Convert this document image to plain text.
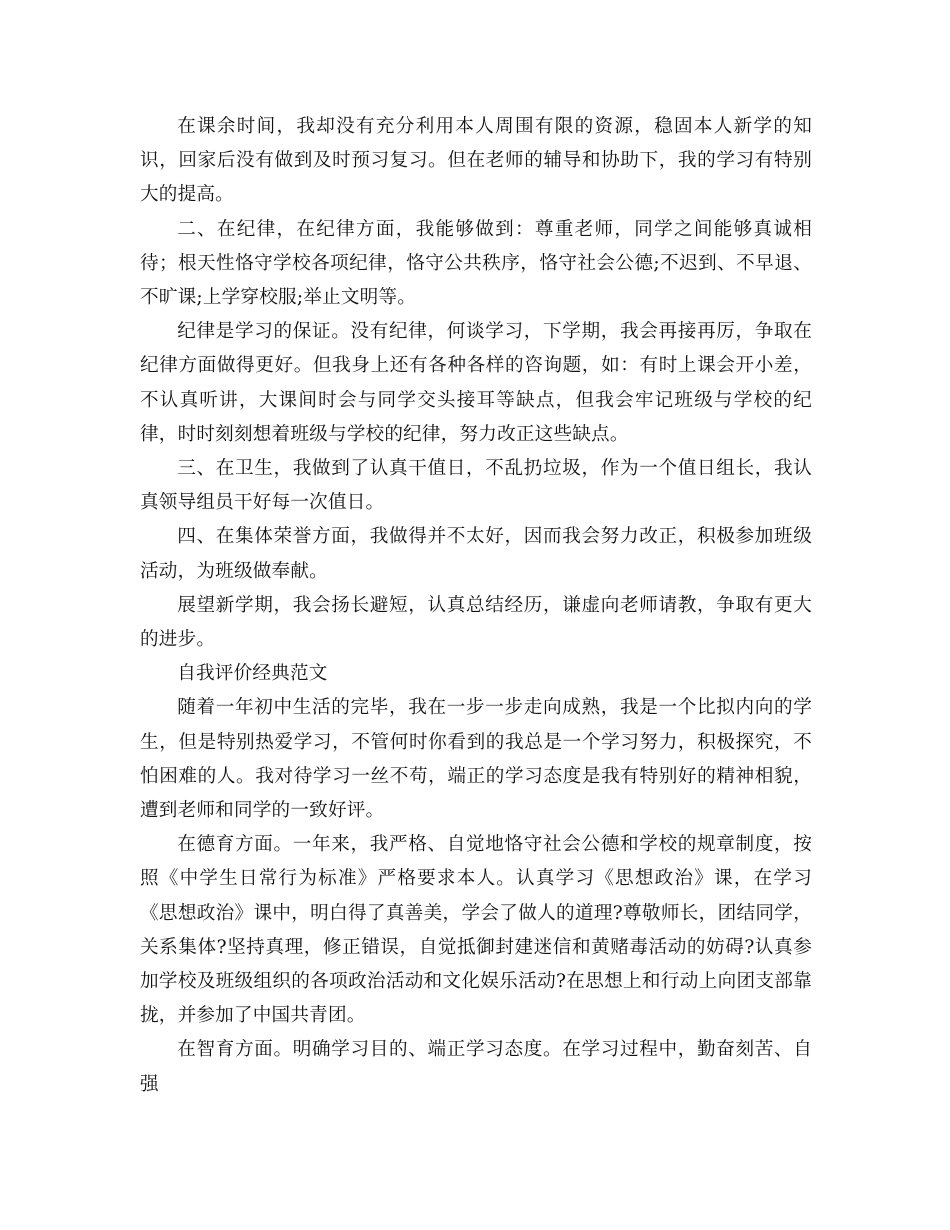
在课余时间，我却没有充分利用本人周围有限的资源，稳固本人新学的知识，回家后没有做到及时预习复习。但在老师的辅导和协助下，我的学习有特别大的提高。

二、在纪律，在纪律方面，我能够做到：尊重老师，同学之间能够真诚相待；根天性恪守学校各项纪律，恪守公共秩序，恪守社会公德;不迟到、不早退、不旷课;上学穿校服;举止文明等。

纪律是学习的保证。没有纪律，何谈学习，下学期，我会再接再厉，争取在纪律方面做得更好。但我身上还有各种各样的咨询题，如：有时上课会开小差，不认真听讲，大课间时会与同学交头接耳等缺点，但我会牢记班级与学校的纪律，时时刻刻想着班级与学校的纪律，努力改正这些缺点。

三、在卫生，我做到了认真干值日，不乱扔垃圾，作为一个值日组长，我认真领导组员干好每一次值日。

四、在集体荣誉方面，我做得并不太好，因而我会努力改正，积极参加班级活动，为班级做奉献。

展望新学期，我会扬长避短，认真总结经历，谦虚向老师请教，争取有更大的进步。

自我评价经典范文

随着一年初中生活的完毕，我在一步一步走向成熟，我是一个比拟内向的学生，但是特别热爱学习，不管何时你看到的我总是一个学习努力，积极探究，不怕困难的人。我对待学习一丝不苟，端正的学习态度是我有特别好的精神相貌，遭到老师和同学的一致好评。

在德育方面。一年来，我严格、自觉地恪守社会公德和学校的规章制度，按照《中学生日常行为标准》严格要求本人。认真学习《思想政治》课，在学习《思想政治》课中，明白得了真善美，学会了做人的道理?尊敬师长，团结同学，关系集体?坚持真理，修正错误，自觉抵御封建迷信和黄赌毒活动的妨碍?认真参加学校及班级组织的各项政治活动和文化娱乐活动?在思想上和行动上向团支部靠拢，并参加了中国共青团。

在智育方面。明确学习目的、端正学习态度。在学习过程中，勤奋刻苦、自强
